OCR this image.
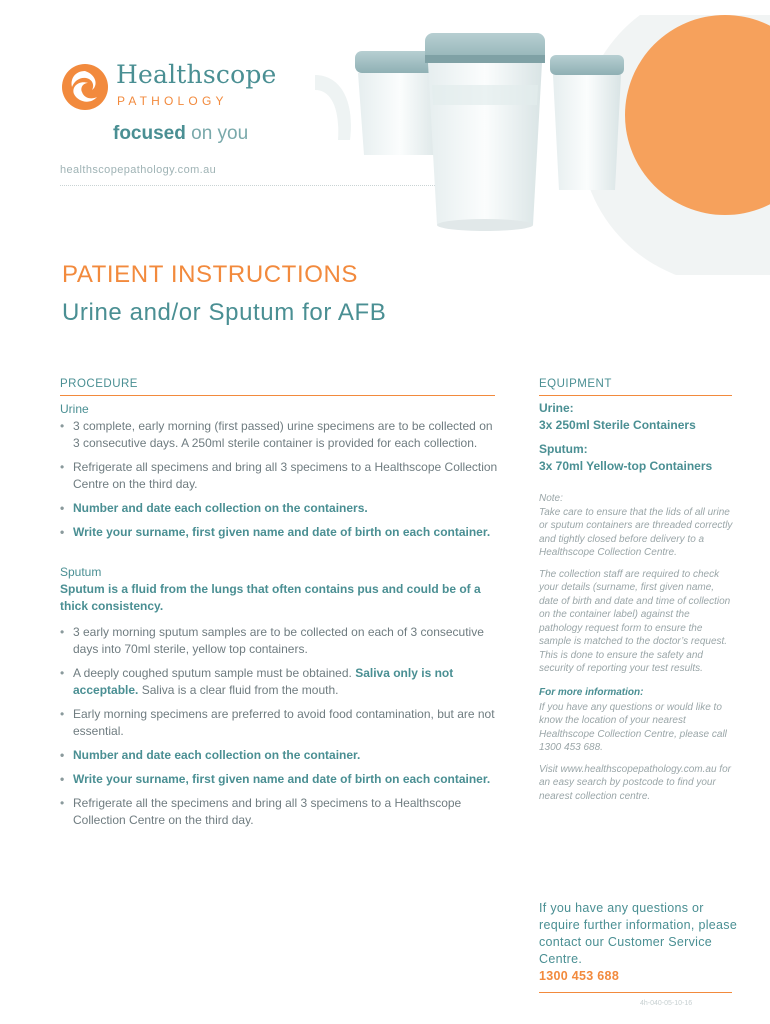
Healthscope
PATHOLOGY
focused on you
healthscopepathology.com.au
PATIENT INSTRUCTIONS
Urine and/or Sputum for AFB
PROCEDURE	EQUIPMENT

Urine

• 3 complete, early morning (first passed) urine specimens are to be collected on 3 consecutive days. A 250ml sterile container is provided for each collection.
• Refrigerate all specimens and bring all 3 specimens to a Healthscope Collection Centre on the third day.
• Number and date each collection on the containers.
• Write your surname, first given name and date of birth on each container.

Sputum

Sputum is a fluid from the lungs that often contains pus and could be of a thick consistency.

• 3 early morning sputum samples are to be collected on each of 3 consecutive days into 70ml sterile, yellow top containers.
• A deeply coughed sputum sample must be obtained. Saliva only is not acceptable. Saliva is a clear fluid from the mouth.
• Early morning specimens are preferred to avoid food contamination, but are not essential.
• Number and date each collection on the container.
• Write your surname, first given name and date of birth on each container.
• Refrigerate all the specimens and bring all 3 specimens to a Healthscope Collection Centre on the third day.

Urine:

3x 250ml Sterile Containers

Sputum:

3x 70ml Yellow-top Containers

Note:

Take care to ensure that the lids of all urine or sputum containers are threaded correctly and tightly closed before delivery to a Healthscope Collection Centre.

The collection staff are required to check your details (surname, first given name, date of birth and date and time of collection on the container label) against the pathology request form to ensure the sample is matched to the doctor’s request. This is done to ensure the safety and security of reporting your test results.

For more information:

If you have any questions or would like to know the location of your nearest Healthscope Collection Centre, please call 1300 453 688.

Visit www.healthscopepathology.com.au for an easy search by postcode to find your nearest collection centre.

If you have any questions or require further information, please contact our Customer Service Centre.

1300 453 688

4h-040-05-10-16
